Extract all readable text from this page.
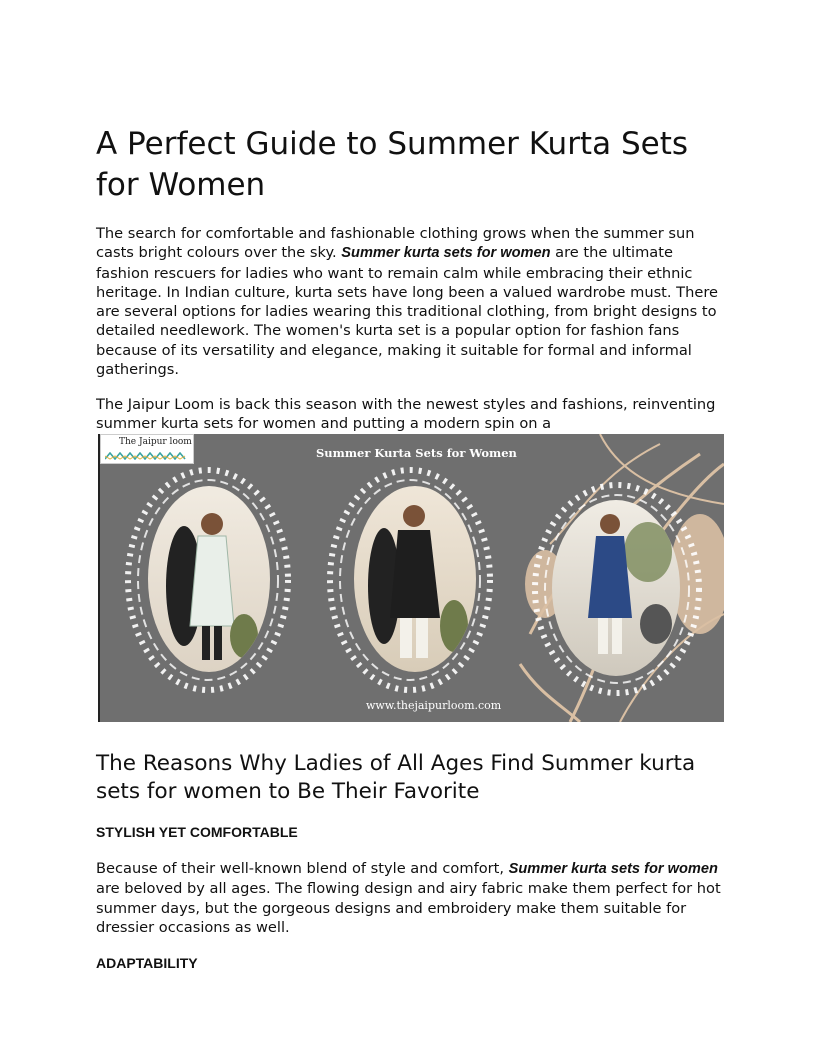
A Perfect Guide to Summer Kurta Sets for Women

The search for comfortable and fashionable clothing grows when the summer sun casts bright colours over the sky. Summer kurta sets for women are the ultimate fashion rescuers for ladies who want to remain calm while embracing their ethnic heritage. In Indian culture, kurta sets have long been a valued wardrobe must. There are several options for ladies wearing this traditional clothing, from bright designs to detailed needlework. The women's kurta set is a popular option for fashion fans because of its versatility and elegance, making it suitable for formal and informal gatherings.

The Jaipur Loom is back this season with the newest styles and fashions, reinventing summer kurta sets for women and putting a modern spin on a

The Jaipur loom
Summer Kurta Sets for Women
www.thejaipurloom.com
The Reasons Why Ladies of All Ages Find Summer kurta sets for women to Be Their Favorite
STYLISH YET COMFORTABLE

Because of their well-known blend of style and comfort, Summer kurta sets for women are beloved by all ages. The flowing design and airy fabric make them perfect for hot summer days, but the gorgeous designs and embroidery make them suitable for dressier occasions as well.

ADAPTABILITY
